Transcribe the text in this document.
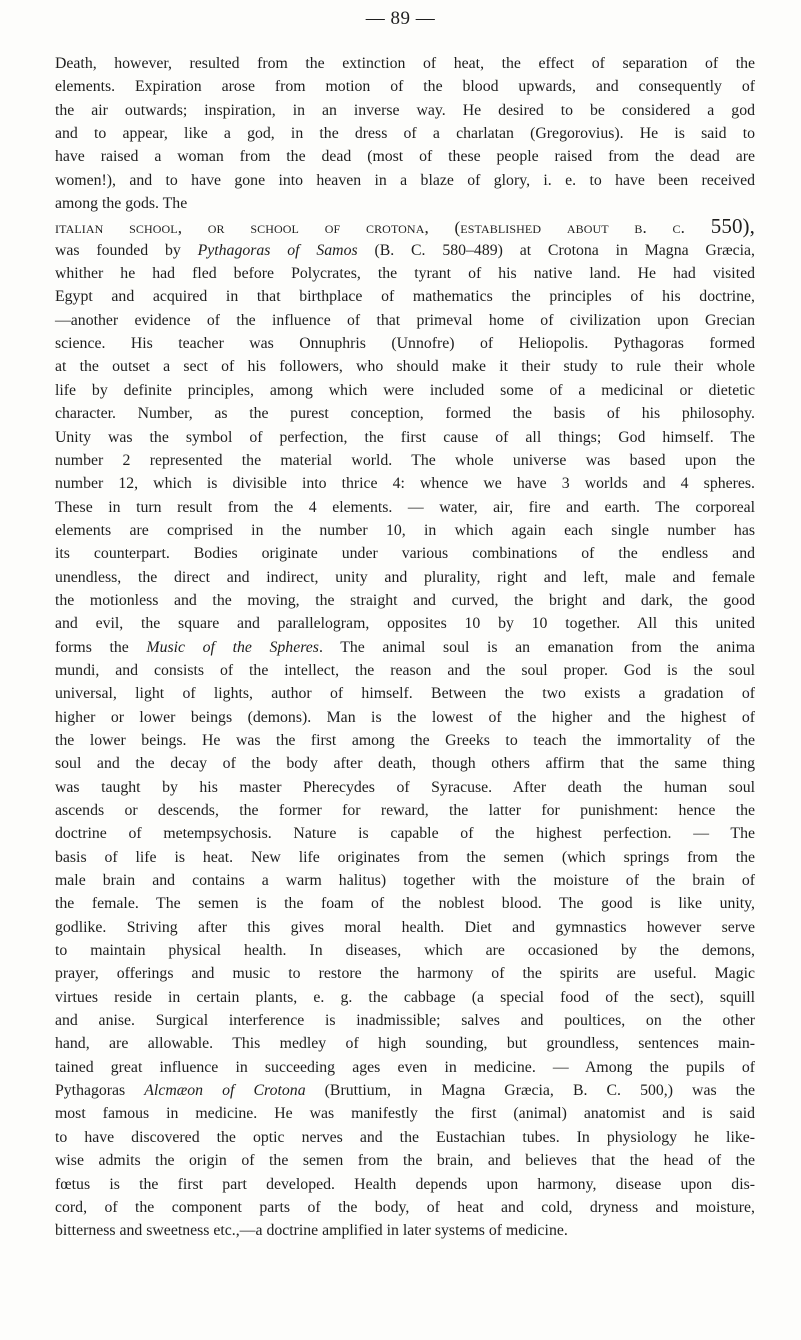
— 89 —
Death, however, resulted from the extinction of heat, the effect of separation of the
elements. Expiration arose from motion of the blood upwards, and consequently of
the air outwards; inspiration, in an inverse way. He desired to be considered a god
and to appear, like a god, in the dress of a charlatan (Gregorovius). He is said to
have raised a woman from the dead (most of these people raised from the dead are
women!), and to have gone into heaven in a blaze of glory, i. e. to have been received
among the gods. The
italian school, or school of crotona, (established about b. c. 550),
was founded by Pythagoras of Samos (B. C. 580–489) at Crotona in Magna Græcia,
whither he had fled before Polycrates, the tyrant of his native land. He had visited
Egypt and acquired in that birthplace of mathematics the principles of his doctrine,
—another evidence of the influence of that primeval home of civilization upon Grecian
science. His teacher was Onnuphris (Unnofre) of Heliopolis. Pythagoras formed
at the outset a sect of his followers, who should make it their study to rule their whole
life by definite principles, among which were included some of a medicinal or dietetic
character. Number, as the purest conception, formed the basis of his philosophy.
Unity was the symbol of perfection, the first cause of all things; God himself. The
number 2 represented the material world. The whole universe was based upon the
number 12, which is divisible into thrice 4: whence we have 3 worlds and 4 spheres.
These in turn result from the 4 elements. — water, air, fire and earth. The corporeal
elements are comprised in the number 10, in which again each single number has
its counterpart. Bodies originate under various combinations of the endless and
unendless, the direct and indirect, unity and plurality, right and left, male and female
the motionless and the moving, the straight and curved, the bright and dark, the good
and evil, the square and parallelogram, opposites 10 by 10 together. All this united
forms the Music of the Spheres. The animal soul is an emanation from the anima
mundi, and consists of the intellect, the reason and the soul proper. God is the soul
universal, light of lights, author of himself. Between the two exists a gradation of
higher or lower beings (demons). Man is the lowest of the higher and the highest of
the lower beings. He was the first among the Greeks to teach the immortality of the
soul and the decay of the body after death, though others affirm that the same thing
was taught by his master Pherecydes of Syracuse. After death the human soul
ascends or descends, the former for reward, the latter for punishment: hence the
doctrine of metempsychosis. Nature is capable of the highest perfection. — The
basis of life is heat. New life originates from the semen (which springs from the
male brain and contains a warm halitus) together with the moisture of the brain of
the female. The semen is the foam of the noblest blood. The good is like unity,
godlike. Striving after this gives moral health. Diet and gymnastics however serve
to maintain physical health. In diseases, which are occasioned by the demons,
prayer, offerings and music to restore the harmony of the spirits are useful. Magic
virtues reside in certain plants, e. g. the cabbage (a special food of the sect), squill
and anise. Surgical interference is inadmissible; salves and poultices, on the other
hand, are allowable. This medley of high sounding, but groundless, sentences main-
tained great influence in succeeding ages even in medicine. — Among the pupils of
Pythagoras Alcmæon of Crotona (Bruttium, in Magna Græcia, B. C. 500,) was the
most famous in medicine. He was manifestly the first (animal) anatomist and is said
to have discovered the optic nerves and the Eustachian tubes. In physiology he like-
wise admits the origin of the semen from the brain, and believes that the head of the
fœtus is the first part developed. Health depends upon harmony, disease upon dis-
cord, of the component parts of the body, of heat and cold, dryness and moisture,
bitterness and sweetness etc.,—a doctrine amplified in later systems of medicine.
